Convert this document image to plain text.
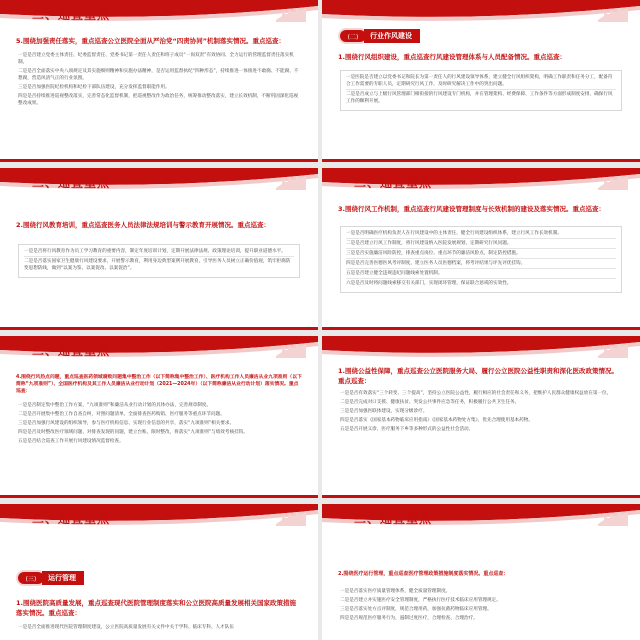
二、巡查重点
5.围绕加强责任落实，重点巡查公立医院全面从严治党“四责协同”机制落实情况。重点巡查：

一是是否建立党委主体责任、纪委监督责任、党委书记第一责任人责任和班子成员“一岗双责”有效协同、全力运行的管理监督责任落实机制。

二是是否全面落实中央八项规定及其实施细则精神和实施办法精神，是否运用监督执纪“四种形态”，持续推进一体推进不敢腐、不能腐、不想腐，营造风清气正的行业氛围。

三是是否加强医院纪检机构和纪检干部队伍建设，充分发挥监督职能作用。

四是是否持续推进巡视整改落实，完善常态化监督机制，把巡视整改作为政治任务，统筹推动整改落实，建立长效机制，不断巩固深化巡视整改成果。

(二)	行业作风建设
1.围绕行风组织建设，重点巡查行风建设管理体系与人员配备情况。重点巡查：

一是医院是否建立以党委书记和院长为第一责任人的行风建设领导体系，建立健全行风组织架构，明确工作职责和任务分工，配备符合工作需要的专职人员，定期研究行风工作，及时研究解决工作中的突出问题。

二是是否成立与上级行风管理部门相衔接的行风建设专门机构，并在管理架构、经费保障、工作条件等方面形成制度安排，确保行风工作的顺利开展。

二、巡查重点
2.围绕行风教育培训，重点巡查医务人员法律法规培训与警示教育开展情况。重点巡查：

一是是否将行风教育作为员工学习教育的重要内容，制定年度培训计划，定期开展法律法规、政策理论培训，提升职业道德水平。

二是是否落实国家卫生健康行风建设要求，开展警示教育，利用身边典型案例开展教育，引导医务人员树立正确价值观，筑牢拒腐防变思想防线，做到“以案为鉴、以案促改、以案促治”。

二、巡查重点
3.围绕行风工作机制，重点巡查行风建设管理制度与长效机制的建设及落实情况。重点巡查：

一是是否明确医疗机构负责人在行风建设中的主体责任，健全行风建设组织体系，建立行风工作长效机制。

二是是否建立行风工作制度，将行风建设纳入医院发展规划，定期研究行风问题。

三是是否实施廉洁风险防控，排查重点岗位、重点环节的廉洁风险点，制定防控措施。

四是是否完善医德医风考评制度，建立医务人员医德档案，将考评结果与评先评优挂钩。

五是是否建立健全违规违纪问题线索处置机制。

六是是否及时将问题线索移交有关部门，实现闭环管理，保证联合惩戒的实效性。

二、巡查重点
4.围绕行风热点问题，重点巡查医药领域腐败问题集中整治工作（以下简称集中整治工作）、医疗机构工作人员廉洁从业九项准则（以下简称“九项准则”）、全国医疗机构及其工作人员廉洁从业行动计划（2021—2024年）（以下简称廉洁从业行动计划）落实情况。重点巡查：

一是是否制定集中整治工作方案，“九项准则”和廉洁从业行动计划的具体办法，完善规章制度。

二是是否开展集中整治工作自查自纠，对照问题清单，全面排查医药购销、医疗服务等重点环节问题。

三是是否加强行风建设的组织领导，参与医疗机构信息、实现行业信息的共享，落实“九项准则”相关要求。

四是是否及时整改医疗领域问题，对排查发现的问题，建立台账，限时整改，将落实“九项准则”与绩效考核挂钩。

五是是否结合巡查工作开展行风建设情况监督检查。

1.围绕公益性保障，重点巡查公立医院服务大局、履行公立医院公益性职责和深化医改政策情况。重点巡查：

一是是否有效落实“三个转变、三个提高”，坚持公立医院公益性，履行相应的社会责任和义务，把维护人民群众健康权益放在第一位。

二是是否完成对口支援、健康扶贫、突发公共事件应急等任务，积极履行公共卫生任务。

三是是否加强医联体建设，实现分级诊疗。

四是是否落实《国家基本药物临床应用指南》《国家基本药物处方集》，优先合理使用基本药物。

五是是否开展义诊、医疗服务下乡等多种形式的公益性社会活动。

二、巡查重点
(三)	运行管理
1.围绕医院高质量发展，重点巡查现代医院管理制度落实和公立医院高质量发展相关国家政策措施落实情况。重点巡查：

一是是否全面推进现代医院管理制度建设，公立医院高质量发展有关文件中关于学科、临床专科、人才队伍

二、巡查重点
2.围绕医疗运行管理，重点巡查医疗管理政策措施制度落实情况。重点巡查：

一是是否落实医疗质量管理体系，健全质量管理制度。

二是是否建立并实施医疗安全管理制度，严格执行医疗技术临床应用管理规定。

三是是否落实处方点评制度，规范合理用药，加强抗菌药物临床应用管理。

四是是否规范医疗服务行为，遏制过度医疗，合理检查、合理治疗。
